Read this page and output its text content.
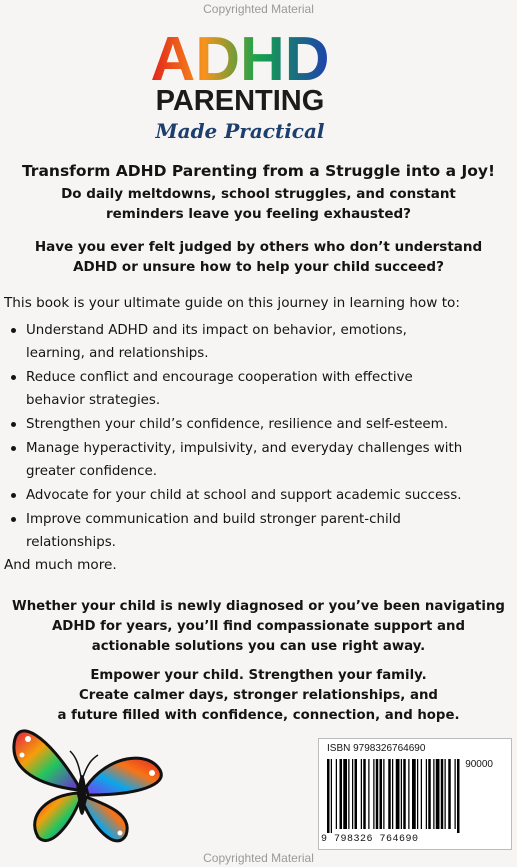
Copyrighted Material
ADHD
PARENTING
Made Practical
Transform ADHD Parenting from a Struggle into a Joy!
Do daily meltdowns, school struggles, and constant
reminders leave you feeling exhausted?
Have you ever felt judged by others who don’t understand
ADHD or unsure how to help your child succeed?
This book is your ultimate guide on this journey in learning how to:
Understand ADHD and its impact on behavior, emotions,
learning, and relationships.
Reduce conflict and encourage cooperation with effective
behavior strategies.
Strengthen your child’s confidence, resilience and self-esteem.
Manage hyperactivity, impulsivity, and everyday challenges with
greater confidence.
Advocate for your child at school and support academic success.
Improve communication and build stronger parent-child
relationships.
And much more.
Whether your child is newly diagnosed or you’ve been navigating
ADHD for years, you’ll find compassionate support and
actionable solutions you can use right away.
Empower your child. Strengthen your family.
Create calmer days, stronger relationships, and
a future filled with confidence, connection, and hope.
ISBN 9798326764690
90000
9 798326 764690
Copyrighted Material
